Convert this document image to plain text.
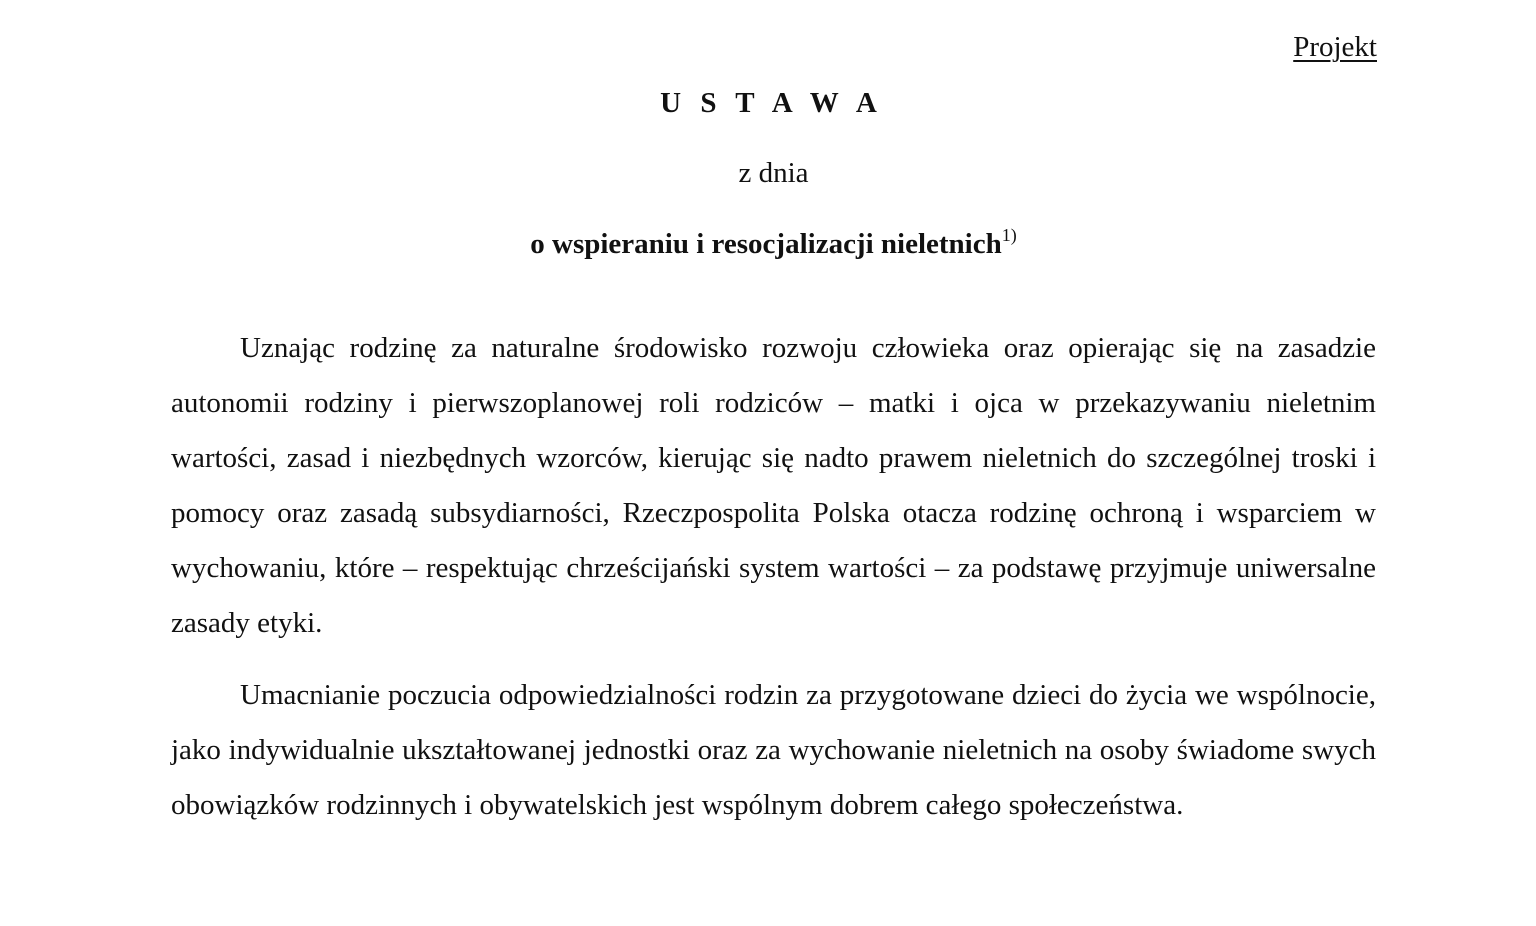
Projekt
U S T A W A
z dnia
o wspieraniu i resocjalizacji nieletnich$^{1)}$

Uznając rodzinę za naturalne środowisko rozwoju człowieka oraz opierając się na zasadzie autonomii rodziny i pierwszoplanowej roli rodziców – matki i ojca w przekazywaniu nieletnim wartości, zasad i niezbędnych wzorców, kierując się nadto prawem nieletnich do szczególnej troski i pomocy oraz zasadą subsydiarności, Rzeczpospolita Polska otacza rodzinę ochroną i wsparciem w wychowaniu, które – respektując chrześcijański system wartości – za podstawę przyjmuje uniwersalne zasady etyki.

Umacnianie poczucia odpowiedzialności rodzin za przygotowane dzieci do życia we wspólnocie, jako indywidualnie ukształtowanej jednostki oraz za wychowanie nieletnich na osoby świadome swych obowiązków rodzinnych i obywatelskich jest wspólnym dobrem całego społeczeństwa.
